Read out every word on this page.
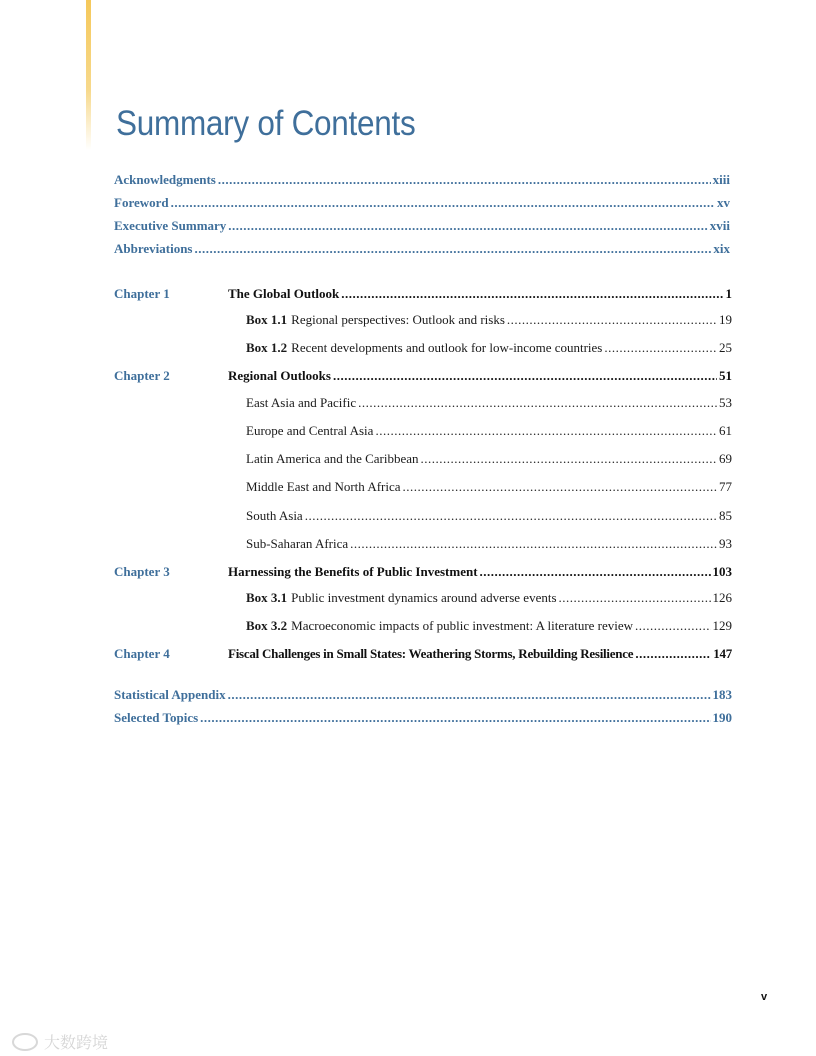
Summary of Contents
Acknowledgments .....	xiii
Foreword .....	xv
Executive Summary .....	xvii
Abbreviations .....	xix
Chapter 1	The Global Outlook .....	1
Box 1.1 Regional perspectives: Outlook and risks .....	19
Box 1.2 Recent developments and outlook for low-income countries .....	25
Chapter 2	Regional Outlooks .....	51
East Asia and Pacific .....	53
Europe and Central Asia .....	61
Latin America and the Caribbean .....	69
Middle East and North Africa .....	77
South Asia .....	85
Sub-Saharan Africa .....	93
Chapter 3	Harnessing the Benefits of Public Investment .....	103
Box 3.1 Public investment dynamics around adverse events .....	126
Box 3.2 Macroeconomic impacts of public investment: A literature review .....	129
Chapter 4	Fiscal Challenges in Small States: Weathering Storms, Rebuilding Resilience .....	147
Statistical Appendix .....	183
Selected Topics .....	190
v
大数跨境
